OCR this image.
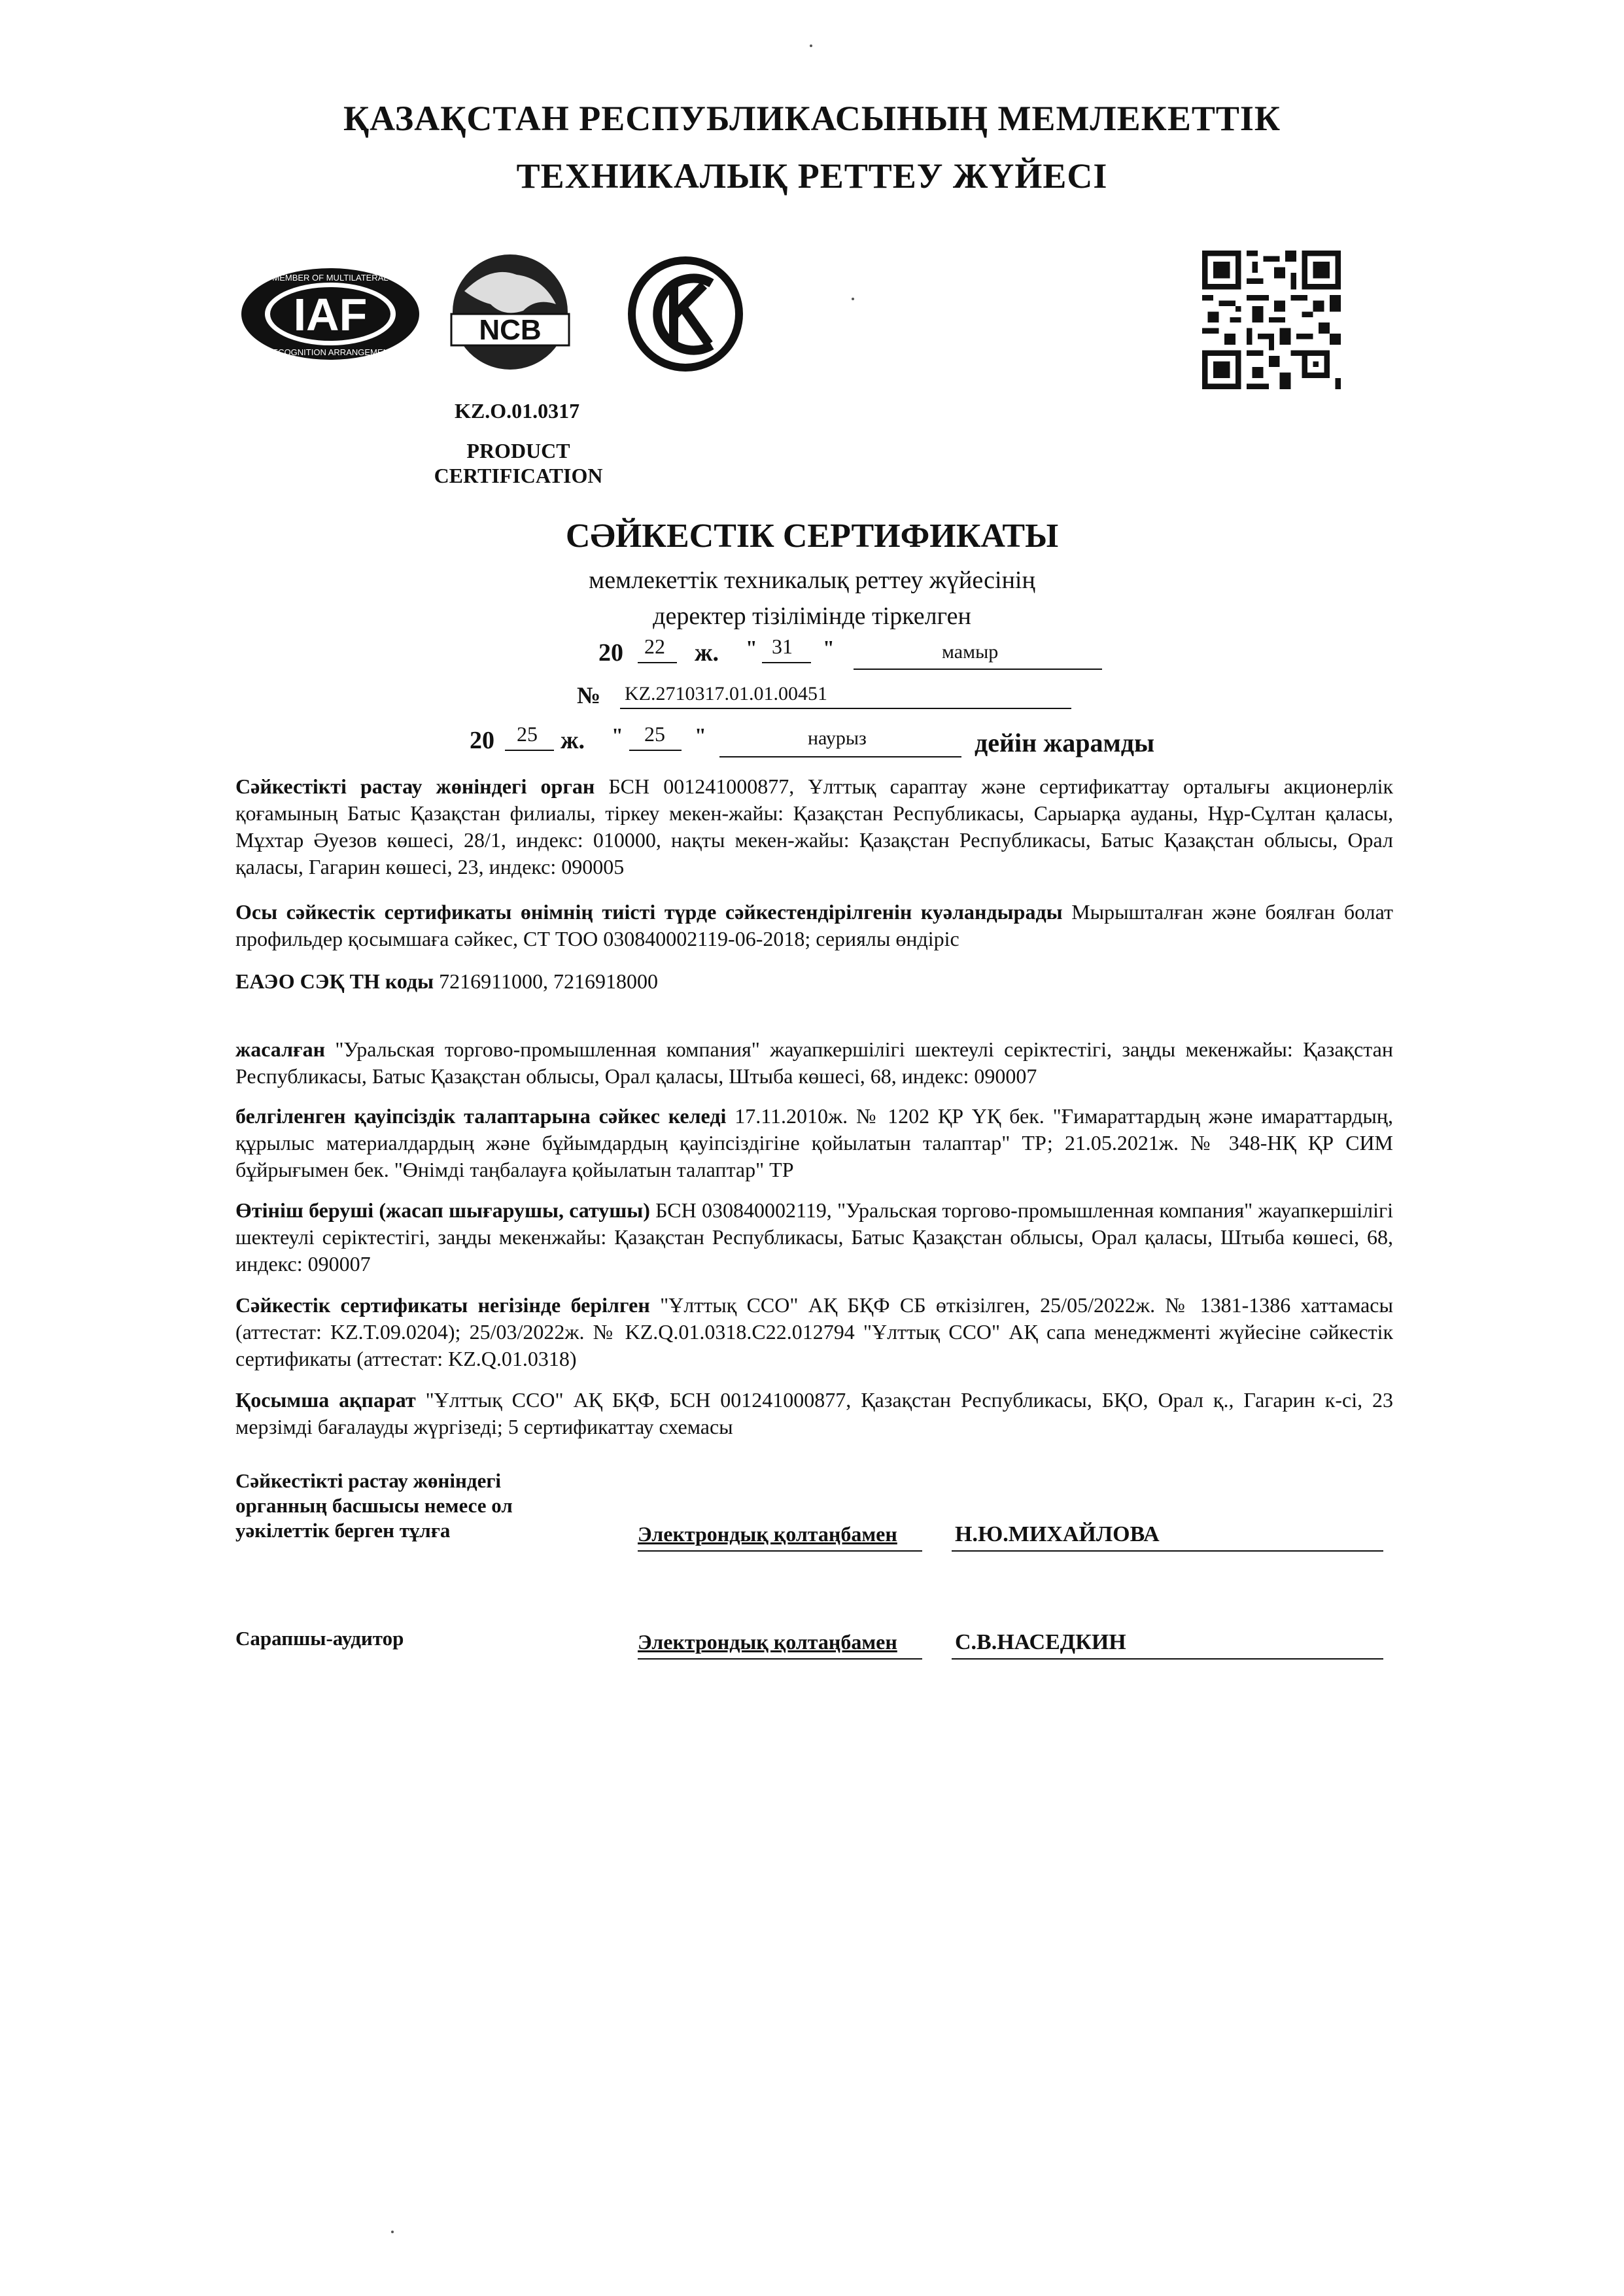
ҚАЗАҚСТАН РЕСПУБЛИКАСЫНЫҢ МЕМЛЕКЕТТІК
ТЕХНИКАЛЫҚ РЕТТЕУ ЖҮЙЕСІ
IAF
MEMBER OF MULTILATERAL
RECOGNITION ARRANGEMENT
NCB
KZ.O.01.0317
PRODUCT
CERTIFICATION
СӘЙКЕСТІК СЕРТИФИКАТЫ
мемлекеттік техникалық реттеу жүйесінің
деректер тізілімінде тіркелген
20 22 ж. " 31 "	мамыр
№ KZ.2710317.01.01.00451
20 25 ж. " 25 "	наурыз	дейін жарамды
Сәйкестікті растау жөніндегі орган БСН 001241000877, Ұлттық сараптау және сертификаттау орталығы акционерлік қоғамының Батыс Қазақстан филиалы, тіркеу мекен-жайы: Қазақстан Республикасы, Сарыарқа ауданы, Нұр-Сұлтан қаласы, Мұхтар Әуезов көшесі, 28/1, индекс: 010000, нақты мекен-жайы: Қазақстан Республикасы, Батыс Қазақстан облысы, Орал қаласы, Гагарин көшесі, 23, индекс: 090005
Осы сәйкестік сертификаты өнімнің тиісті түрде сәйкестендірілгенін куәландырады Мырышталған және боялған болат профильдер қосымшаға сәйкес, СТ ТОО 030840002119-06-2018; сериялы өндіріс
ЕАЭО СЭҚ ТН коды 7216911000, 7216918000
жасалған "Уральская торгово-промышленная компания" жауапкершілігі шектеулі серіктестігі, заңды мекенжайы: Қазақстан Республикасы, Батыс Қазақстан облысы, Орал қаласы, Штыба көшесі, 68, индекс: 090007
белгіленген қауіпсіздік талаптарына сәйкес келеді 17.11.2010ж. № 1202 ҚР ҮҚ бек. "Ғимараттардың және имараттардың, құрылыс материалдардың және бұйымдардың қауіпсіздігіне қойылатын талаптар" ТР; 21.05.2021ж. № 348-НҚ ҚР СИМ бұйрығымен бек. "Өнімді таңбалауға қойылатын талаптар" ТР
Өтініш беруші (жасап шығарушы, сатушы) БСН 030840002119, "Уральская торгово-промышленная компания" жауапкершілігі шектеулі серіктестігі, заңды мекенжайы: Қазақстан Республикасы, Батыс Қазақстан облысы, Орал қаласы, Штыба көшесі, 68, индекс: 090007
Сәйкестік сертификаты негізінде берілген "Ұлттық ССО" АҚ БҚФ СБ өткізілген, 25/05/2022ж. № 1381-1386 хаттамасы (аттестат: KZ.T.09.0204); 25/03/2022ж. № KZ.Q.01.0318.C22.012794 "Ұлттық ССО" АҚ сапа менеджменті жүйесіне сәйкестік сертификаты (аттестат: KZ.Q.01.0318)
Қосымша ақпарат "Ұлттық ССО" АҚ БҚФ, БСН 001241000877, Қазақстан Республикасы, БҚО, Орал қ., Гагарин к-сі, 23 мерзімді бағалауды жүргізеді; 5 сертификаттау схемасы
Сәйкестікті растау жөніндегі органның басшысы немесе ол уәкілеттік берген тұлға	Электрондық қолтаңбамен	Н.Ю.МИХАЙЛОВА
Сарапшы-аудитор	Электрондық қолтаңбамен	С.В.НАСЕДКИН
